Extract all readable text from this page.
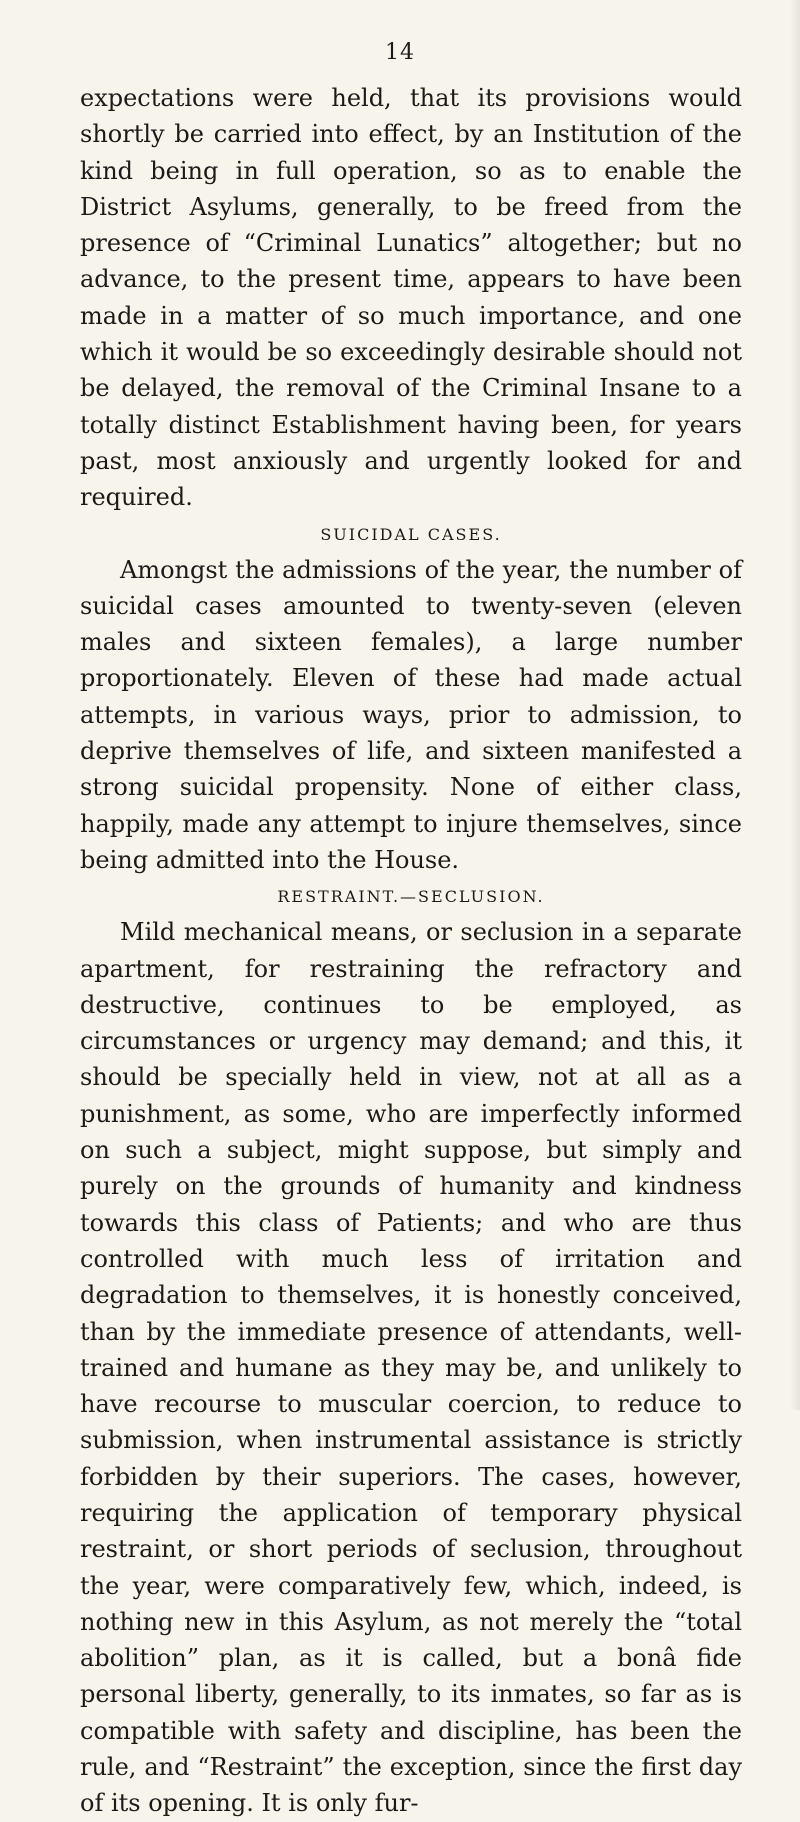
14

expectations were held, that its provisions would shortly be carried into effect, by an Institution of the kind being in full operation, so as to enable the District Asylums, generally, to be freed from the presence of “Criminal Lunatics” altogether; but no advance, to the present time, appears to have been made in a matter of so much importance, and one which it would be so exceedingly desirable should not be delayed, the removal of the Criminal Insane to a totally distinct Establishment having been, for years past, most anxiously and urgently looked for and required.

SUICIDAL CASES.

Amongst the admissions of the year, the number of suicidal cases amounted to twenty-seven (eleven males and sixteen females), a large number proportionately. Eleven of these had made actual attempts, in various ways, prior to admission, to deprive themselves of life, and sixteen manifested a strong suicidal propensity. None of either class, happily, made any attempt to injure themselves, since being admitted into the House.

RESTRAINT.—SECLUSION.

Mild mechanical means, or seclusion in a separate apartment, for restraining the refractory and destructive, continues to be employed, as circumstances or urgency may demand; and this, it should be specially held in view, not at all as a punishment, as some, who are imperfectly informed on such a subject, might suppose, but simply and purely on the grounds of humanity and kindness towards this class of Patients; and who are thus controlled with much less of irritation and degradation to themselves, it is honestly conceived, than by the immediate presence of attendants, well-trained and humane as they may be, and unlikely to have recourse to muscular coercion, to reduce to submission, when instrumental assistance is strictly forbidden by their superiors. The cases, however, requiring the application of temporary physical restraint, or short periods of seclusion, throughout the year, were comparatively few, which, indeed, is nothing new in this Asylum, as not merely the “total abolition” plan, as it is called, but a bonâ fide personal liberty, generally, to its inmates, so far as is compatible with safety and discipline, has been the rule, and “Restraint” the exception, since the first day of its opening. It is only fur-
